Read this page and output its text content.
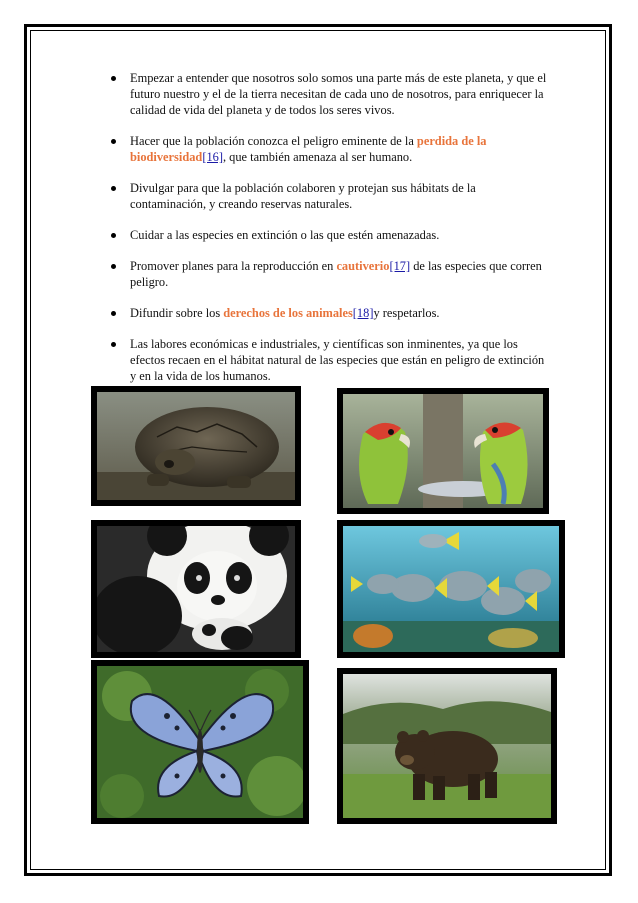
Empezar a entender que nosotros solo somos una parte más de este planeta, y que el futuro nuestro y el de la tierra necesitan de cada uno de nosotros, para enriquecer la calidad de vida del planeta y de todos los seres vivos.
Hacer que la población conozca el peligro eminente de la perdida de la biodiversidad[16], que también amenaza al ser humano.
Divulgar para que la población colaboren y protejan sus hábitats de la contaminación, y creando reservas naturales.
Cuidar a las especies en extinción o las que estén amenazadas.
Promover planes para la reproducción en cautiverio[17] de las especies que corren peligro.
Difundir sobre los derechos de los animales[18]y respetarlos.
Las labores económicas e industriales, y científicas son inminentes, ya que los efectos recaen en el hábitat natural de las especies que están en peligro de extinción y en la vida de los humanos.
